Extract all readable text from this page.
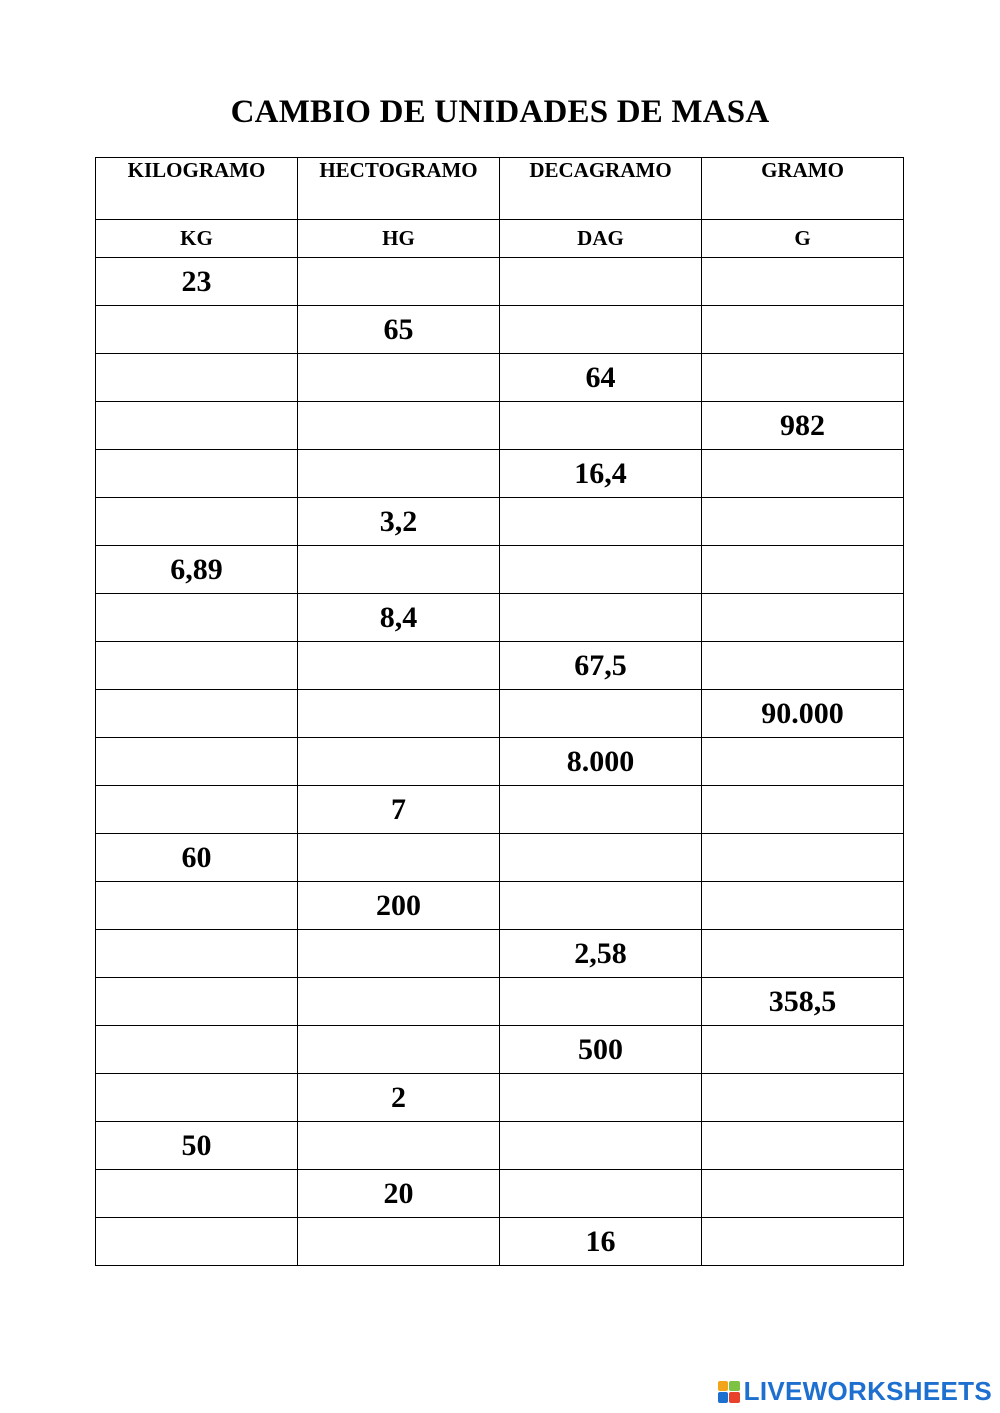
CAMBIO DE UNIDADES DE MASA
KILOGRAMO	HECTOGRAMO	DECAGRAMO	GRAMO
KG	HG	DAG	G
23			
	65		
		64	
			982
		16,4	
	3,2		
6,89			
	8,4		
		67,5	
			90.000
		8.000	
	7		
60			
	200		
		2,58	
			358,5
		500	
	2		
50			
	20		
		16	
LIVEWORKSHEETS
